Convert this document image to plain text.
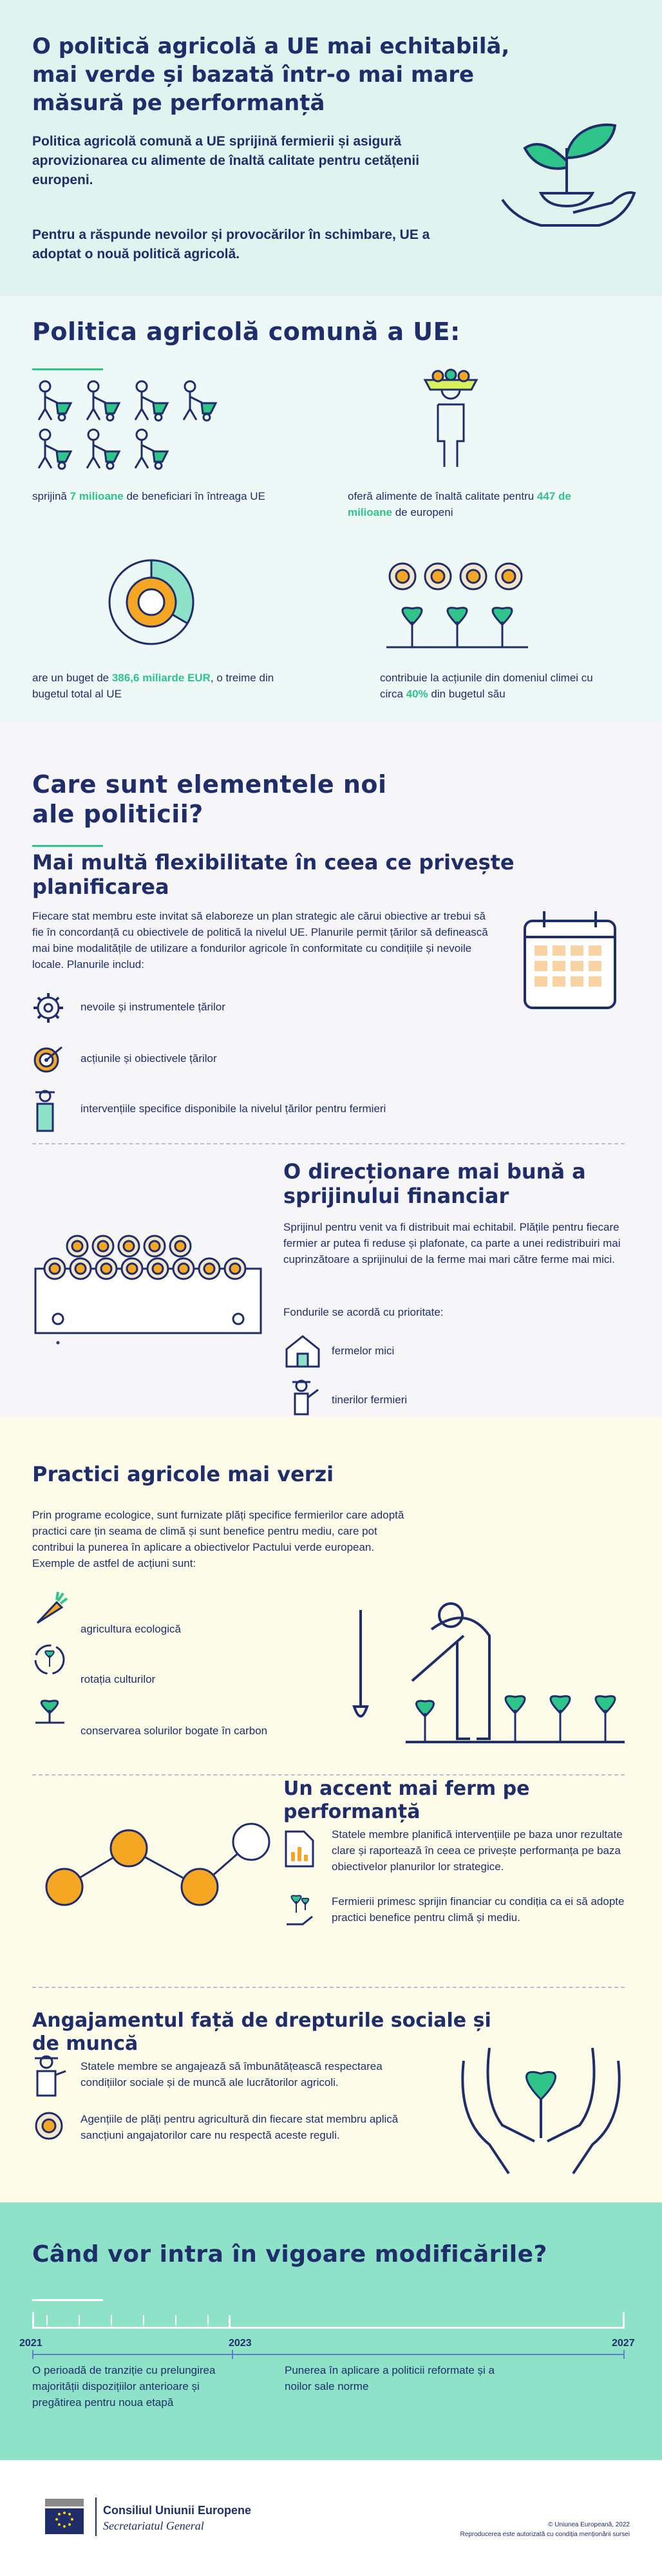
O politică agricolă a UE mai echitabilă, mai verde și bazată într-o mai mare măsură pe performanță

Politica agricolă comună a UE sprijină fermierii și asigură aprovizionarea cu alimente de înaltă calitate pentru cetățenii europeni.

Pentru a răspunde nevoilor și provocărilor în schimbare, UE a adoptat o nouă politică agricolă.

Politica agricolă comună a UE:

sprijină 7 milioane de beneficiari în întreaga UE	oferă alimente de înaltă calitate pentru 447 de milioane de europeni

are un buget de 386,6 miliarde EUR, o treime din bugetul total al UE

contribuie la acțiunile din domeniul climei cu circa 40% din bugetul său

Care sunt elementele noi ale politicii?
Mai multă flexibilitate în ceea ce privește planificarea

Fiecare stat membru este invitat să elaboreze un plan strategic ale cărui obiective ar trebui să fie în concordanță cu obiectivele de politică la nivelul UE. Planurile permit țărilor să definească mai bine modalitățile de utilizare a fondurilor agricole în conformitate cu condițiile și nevoile locale. Planurile includ:

nevoile și instrumentele țărilor
acțiunile și obiectivele țărilor
intervențiile specifice disponibile la nivelul țărilor pentru fermieri
O direcționare mai bună a sprijinului financiar

Sprijinul pentru venit va fi distribuit mai echitabil. Plățile pentru fiecare fermier ar putea fi reduse și plafonate, ca parte a unei redistribuiri mai cuprinzătoare a sprijinului de la ferme mai mari către ferme mai mici.

Fondurile se acordă cu prioritate:

fermelor mici
tinerilor fermieri
Practici agricole mai verzi

Prin programe ecologice, sunt furnizate plăți specifice fermierilor care adoptă practici care țin seama de climă și sunt benefice pentru mediu, care pot contribui la punerea în aplicare a obiectivelor Pactului verde european. Exemple de astfel de acțiuni sunt:

agricultura ecologică
rotația culturilor
conservarea solurilor bogate în carbon
Un accent mai ferm pe performanță

Statele membre planifică intervențiile pe baza unor rezultate clare și raportează în ceea ce privește performanța pe baza obiectivelor planurilor lor strategice.

Fermierii primesc sprijin financiar cu condiția ca ei să adopte practici benefice pentru climă și mediu.

Angajamentul față de drepturile sociale și de muncă

Statele membre se angajează să îmbunătățească respectarea condițiilor sociale și de muncă ale lucrătorilor agricoli.

Agențiile de plăți pentru agricultură din fiecare stat membru aplică sancțiuni angajatorilor care nu respectă aceste reguli.

Când vor intra în vigoare modificările?
2021	2023	2027

O perioadă de tranziție cu prelungirea majorității dispozițiilor anterioare și pregătirea pentru noua etapă

Punerea în aplicare a politicii reformate și a noilor sale norme

Consiliul Uniunii Europene
Secretariatul General	© Uniunea Europeană, 2022
Reproducerea este autorizată cu condiția menționării sursei
